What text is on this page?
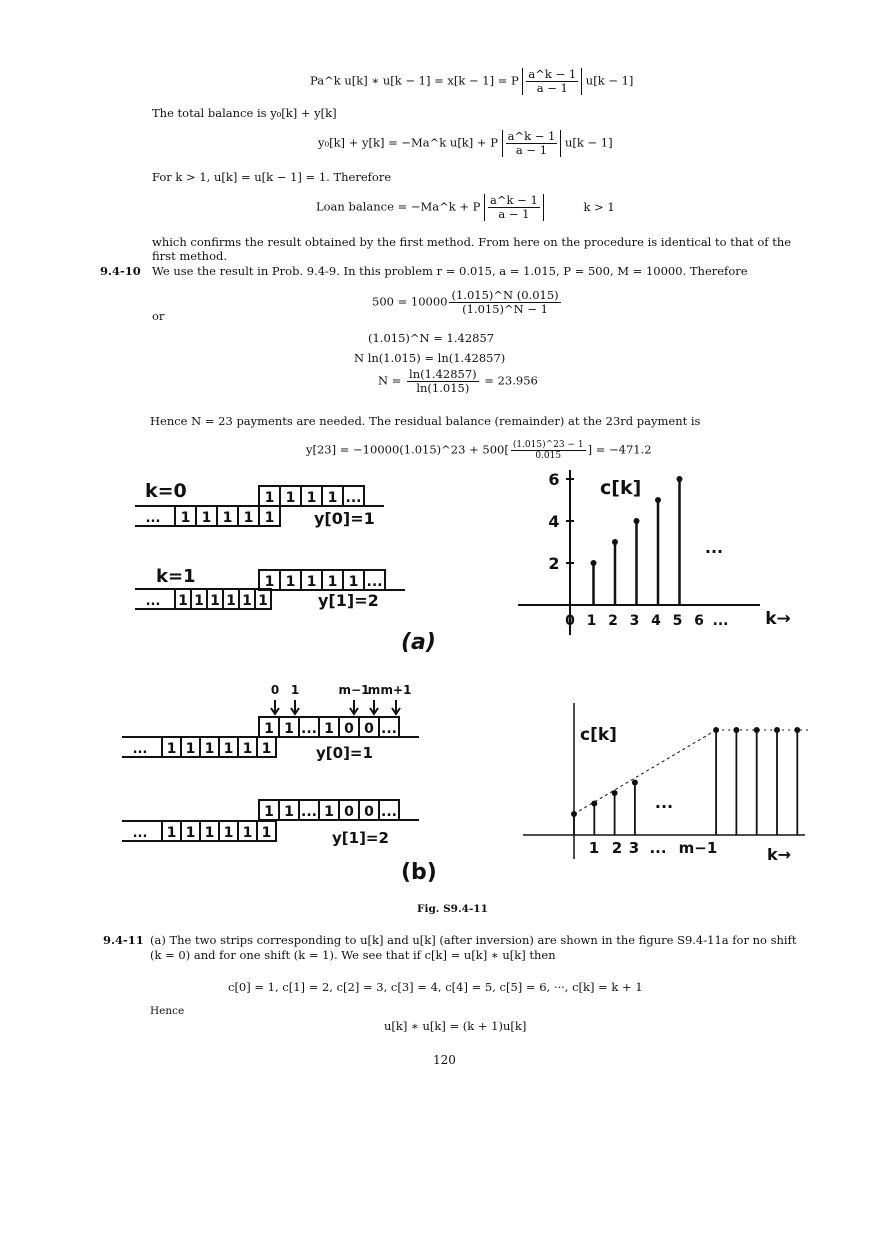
Pa^k u[k] ∗ u[k − 1] = x[k − 1] = P $\frac{a\^{}k - 1}{a - 1} u[k - 1]$
The total balance is y₀[k] + y[k]
y₀[k] + y[k] = −Ma^k u[k] + P $\frac{a\^{}k - 1}{a - 1} u[k - 1]$
For k > 1, u[k] = u[k − 1] = 1. Therefore
Loan balance = −Ma^k + P $\frac{a\^{}k - 1}{a - 1}$	k > 1
which confirms the result obtained by the first method. From here on the procedure is identical to that of the
first method.
9.4-10 We use the result in Prob. 9.4-9. In this problem r = 0.015, a = 1.015, P = 500, M = 10000. Therefore
$500 = 10000 \frac{(1.015)\^{}N (0.015)}{(1.015)\^{}N - 1}$
or
(1.015)^N = 1.42857
N ln(1.015) = ln(1.42857)
$N = \frac{\ln(1.42857)}{\ln(1.015)} = 23.956$
Hence N = 23 payments are needed. The residual balance (remainder) at the 23rd payment is
y[23] = −10000(1.015)^23 + $500[ \frac{(1.015)\^{}23 - 1}{0.015}$ ] = −471.2
k=0
y[0]=1
k=1
y[1]=2
(a)
(b)
y[0]=1
y[1]=2
Fig. S9.4-11
9.4-11 (a) The two strips corresponding to u[k] and u[k] (after inversion) are shown in the figure S9.4-11a for no shift
(k = 0) and for one shift (k = 1). We see that if c[k] = u[k] ∗ u[k] then
c[0] = 1, c[1] = 2, c[2] = 3, c[3] = 4, c[4] = 5, c[5] = 6, ···, c[k] = k + 1
Hence
u[k] ∗ u[k] = (k + 1)u[k]
120
1 1 1 1 ...
... 1 1 1 1 1
1 1 1 1 1 ...
... 1 1 1 1 1 1
0 1	m−1
m m+1
1 1 ... 1 0 0 ...
... 1 1 1 1 1 1
1 1 ... 1 0 0 ...
... 1 1 1 1 1 1
2
4
6
0 1 2 3 4 5 6 ...
c[k]
k→
...
1 2 3 ... m−1
c[k]
k→
...
